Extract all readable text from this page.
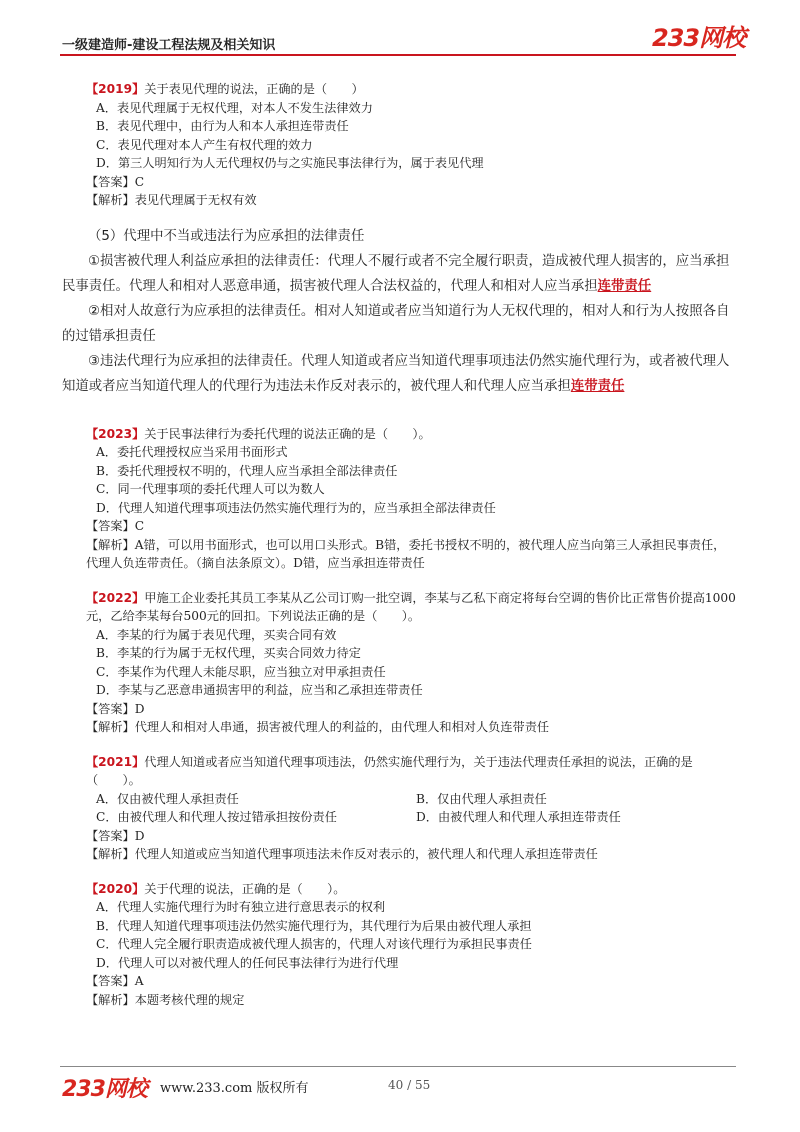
一级建造师-建设工程法规及相关知识	233网校
【2019】关于表见代理的说法，正确的是（　　）
A．表见代理属于无权代理，对本人不发生法律效力
B．表见代理中，由行为人和本人承担连带责任
C．表见代理对本人产生有权代理的效力
D．第三人明知行为人无代理权仍与之实施民事法律行为，属于表见代理
【答案】C
【解析】表见代理属于无权有效
（5）代理中不当或违法行为应承担的法律责任

①损害被代理人利益应承担的法律责任：代理人不履行或者不完全履行职责，造成被代理人损害的，应当承担民事责任。代理人和相对人恶意串通，损害被代理人合法权益的，代理人和相对人应当承担连带责任

②相对人故意行为应承担的法律责任。相对人知道或者应当知道行为人无权代理的，相对人和行为人按照各自的过错承担责任

③违法代理行为应承担的法律责任。代理人知道或者应当知道代理事项违法仍然实施代理行为，或者被代理人知道或者应当知道代理人的代理行为违法未作反对表示的，被代理人和代理人应当承担连带责任

【2023】关于民事法律行为委托代理的说法正确的是（　　）。
A．委托代理授权应当采用书面形式
B．委托代理授权不明的，代理人应当承担全部法律责任
C．同一代理事项的委托代理人可以为数人
D．代理人知道代理事项违法仍然实施代理行为的，应当承担全部法律责任
【答案】C
【解析】A错，可以用书面形式，也可以用口头形式。B错，委托书授权不明的，被代理人应当向第三人承担民事责任，代理人负连带责任。（摘自法条原文）。D错，应当承担连带责任
【2022】甲施工企业委托其员工李某从乙公司订购一批空调，李某与乙私下商定将每台空调的售价比正常售价提高1000元，乙给李某每台500元的回扣。下列说法正确的是（　　）。
A．李某的行为属于表见代理，买卖合同有效
B．李某的行为属于无权代理，买卖合同效力待定
C．李某作为代理人未能尽职，应当独立对甲承担责任
D．李某与乙恶意串通损害甲的利益，应当和乙承担连带责任
【答案】D
【解析】代理人和相对人串通，损害被代理人的利益的，由代理人和相对人负连带责任
【2021】代理人知道或者应当知道代理事项违法，仍然实施代理行为，关于违法代理责任承担的说法，正确的是（　　）。
A．仅由被代理人承担责任	B．仅由代理人承担责任
C．由被代理人和代理人按过错承担按份责任	D．由被代理人和代理人承担连带责任
【答案】D
【解析】代理人知道或应当知道代理事项违法未作反对表示的，被代理人和代理人承担连带责任
【2020】关于代理的说法，正确的是（　　）。
A．代理人实施代理行为时有独立进行意思表示的权利
B．代理人知道代理事项违法仍然实施代理行为，其代理行为后果由被代理人承担
C．代理人完全履行职责造成被代理人损害的，代理人对该代理行为承担民事责任
D．代理人可以对被代理人的任何民事法律行为进行代理
【答案】A
【解析】本题考核代理的规定
233网校 www.233.com 版权所有	40 / 55
